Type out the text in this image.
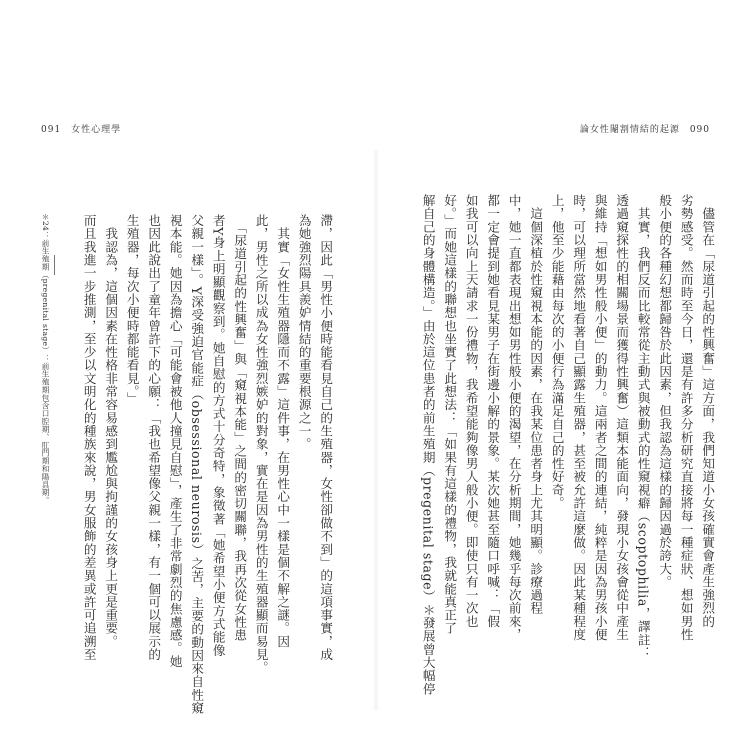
091 女性心理學	論女性閹割情結的起源 090
滯，因此「男性小便時能看見自己的生殖器，女性卻做不到」的這項事實，成
為她強烈陽具羨妒情結的重要根源之一。
　其實「女性生殖器隱而不露」這件事，在男性心中一樣是個不解之謎。因
此，男性之所以成為女性強烈嫉妒的對象，實在是因為男性的生殖器顯而易見。
　「尿道引起的性興奮」與「窺視本能」之間的密切關聯，我再次從女性患
者Y身上明顯觀察到。她自慰的方式十分奇特，象徵著「她希望小便方式能像
父親一樣」。Y深受強迫官能症（obsessional neurosis）之苦，主要的動因來自性窺
視本能。她因為擔心「可能會被他人撞見自慰」，產生了非常劇烈的焦慮感。她
也因此說出了童年曾許下的心願：「我也希望像父親一樣，有一個可以展示的
生殖器，每次小便時都能看見。」
　我認為，這個因素在性格非常容易感到尷尬與拘謹的女孩身上更是重要。
而且我進一步推測，至少以文明化的種族來說，男女服飾的差異或許可追溯至	　儘管在「尿道引起的性興奮」這方面，我們知道小女孩確實會產生強烈的
劣勢感受。然而時至今日，還是有許多分析研究直接將每一種症狀、想如男性
般小便的各種幻想都歸咎於此因素，但我認為這樣的歸因過於誇大。
　其實，我們反而比較常從主動式與被動式的性窺視癖（scoptophilia，譯註：
透過窺探性的相關場景而獲得性興奮）這類本能面向，發現小女孩會從中產生
與維持「想如男性般小便」的動力。這兩者之間的連結，純粹是因為男孩小便
時，可以理所當然地看著自己顯露生殖器，甚至被允許這麼做。因此某種程度
上，他至少能藉由每次的小便行為滿足自己的性好奇。
　這個深植於性窺視本能的因素，在我某位患者身上尤其明顯。診療過程
中，她一直都表現出想如男性般小便的渴望，在分析期間，她幾乎每次前來，
都一定會提到她看見某男子在街邊小解的景象。某次她甚至隨口呼喊：「假
如我可以向上天請求一份禮物，我希望能夠像男人般小便。即使只有一次也
好。」而她這樣的聯想也坐實了此想法：「如果有這樣的禮物，我就能真正了
解自己的身體構造。」由於這位患者的前生殖期（pregenital stage）＊發展曾大幅停
＊24：前生殖期（pregenital stage）：前生殖期包含口腔期、肛門期和陽具期。
